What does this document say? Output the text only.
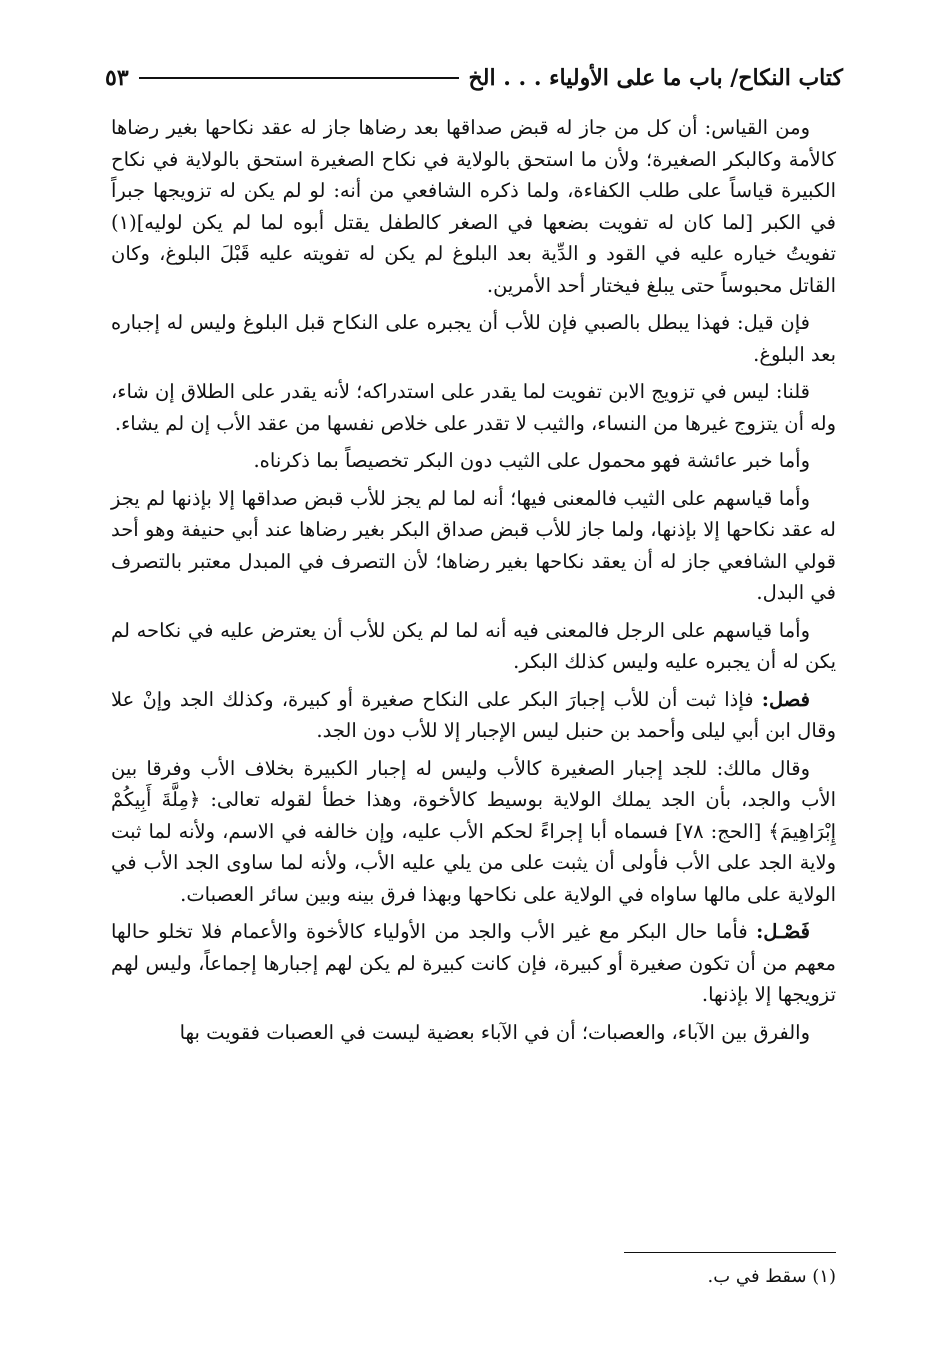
كتاب النكاح/ باب ما على الأولياء . . . الخ
٥٣

ومن القياس: أن كل من جاز له قبض صداقها بعد رضاها جاز له عقد نكاحها بغير رضاها كالأمة وكالبكر الصغيرة؛ ولأن ما استحق بالولاية في نكاح الصغيرة استحق بالولاية في نكاح الكبيرة قياساً على طلب الكفاءة، ولما ذكره الشافعي من أنه: لو لم يكن له تزويجها جبراً في الكبر [لما كان له تفويت بضعها في الصغر كالطفل يقتل أبوه لما لم يكن لوليه](١) تفويتُ خياره عليه في القود و الدِّية بعد البلوغ لم يكن له تفويته عليه قَبْلَ البلوغ، وكان القاتل محبوساً حتى يبلغ فيختار أحد الأمرين.

فإن قيل: فهذا يبطل بالصبي فإن للأب أن يجبره على النكاح قبل البلوغ وليس له إجباره بعد البلوغ.

قلنا: ليس في تزويج الابن تفويت لما يقدر على استدراكه؛ لأنه يقدر على الطلاق إن شاء، وله أن يتزوج غيرها من النساء، والثيب لا تقدر على خلاص نفسها من عقد الأب إن لم يشاء.

وأما خبر عائشة فهو محمول على الثيب دون البكر تخصيصاً بما ذكرناه.

وأما قياسهم على الثيب فالمعنى فيها؛ أنه لما لم يجز للأب قبض صداقها إلا بإذنها لم يجز له عقد نكاحها إلا بإذنها، ولما جاز للأب قبض صداق البكر بغير رضاها عند أبي حنيفة وهو أحد قولي الشافعي جاز له أن يعقد نكاحها بغير رضاها؛ لأن التصرف في المبدل معتبر بالتصرف في البدل.

وأما قياسهم على الرجل فالمعنى فيه أنه لما لم يكن للأب أن يعترض عليه في نكاحه لم يكن له أن يجبره عليه وليس كذلك البكر.

فصل: فإذا ثبت أن للأب إجبارَ البكر على النكاح صغيرة أو كبيرة، وكذلك الجد وإنْ علا وقال ابن أبي ليلى وأحمد بن حنبل ليس الإجبار إلا للأب دون الجد.

وقال مالك: للجد إجبار الصغيرة كالأب وليس له إجبار الكبيرة بخلاف الأب وفرقا بين الأب والجد، بأن الجد يملك الولاية بوسيط كالأخوة، وهذا خطأ لقوله تعالى: ﴿مِلَّةَ أَبِيكُمْ إِبْرَاهِيمَ﴾ [الحج: ٧٨] فسماه أبا إجراءً لحكم الأب عليه، وإن خالفه في الاسم، ولأنه لما ثبت ولاية الجد على الأب فأولى أن يثبت على من يلي عليه الأب، ولأنه لما ساوى الجد الأب في الولاية على مالها ساواه في الولاية على نكاحها وبهذا فرق بينه وبين سائر العصبات.

فَصْـل: فأما حال البكر مع غير الأب والجد من الأولياء كالأخوة والأعمام فلا تخلو حالها معهم من أن تكون صغيرة أو كبيرة، فإن كانت كبيرة لم يكن لهم إجبارها إجماعاً، وليس لهم تزويجها إلا بإذنها.

والفرق بين الآباء، والعصبات؛ أن في الآباء بعضية ليست في العصبات فقويت بها

(١) سقط في ب.
